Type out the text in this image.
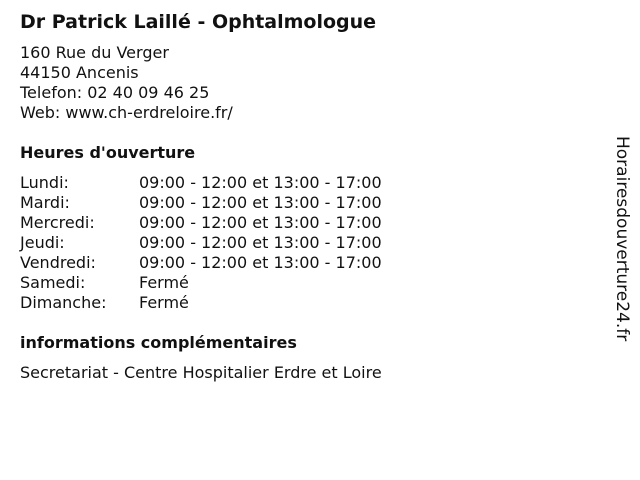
Dr Patrick Laillé - Ophtalmologue
160 Rue du Verger
44150 Ancenis
Telefon: 02 40 09 46 25
Web: www.ch-erdreloire.fr/
Heures d'ouverture
Lundi:	09:00 - 12:00 et 13:00 - 17:00
Mardi:	09:00 - 12:00 et 13:00 - 17:00
Mercredi:	09:00 - 12:00 et 13:00 - 17:00
Jeudi:	09:00 - 12:00 et 13:00 - 17:00
Vendredi:	09:00 - 12:00 et 13:00 - 17:00
Samedi:	Fermé
Dimanche:	Fermé
informations complémentaires
Secretariat - Centre Hospitalier Erdre et Loire
Horairesdouverture24.fr
